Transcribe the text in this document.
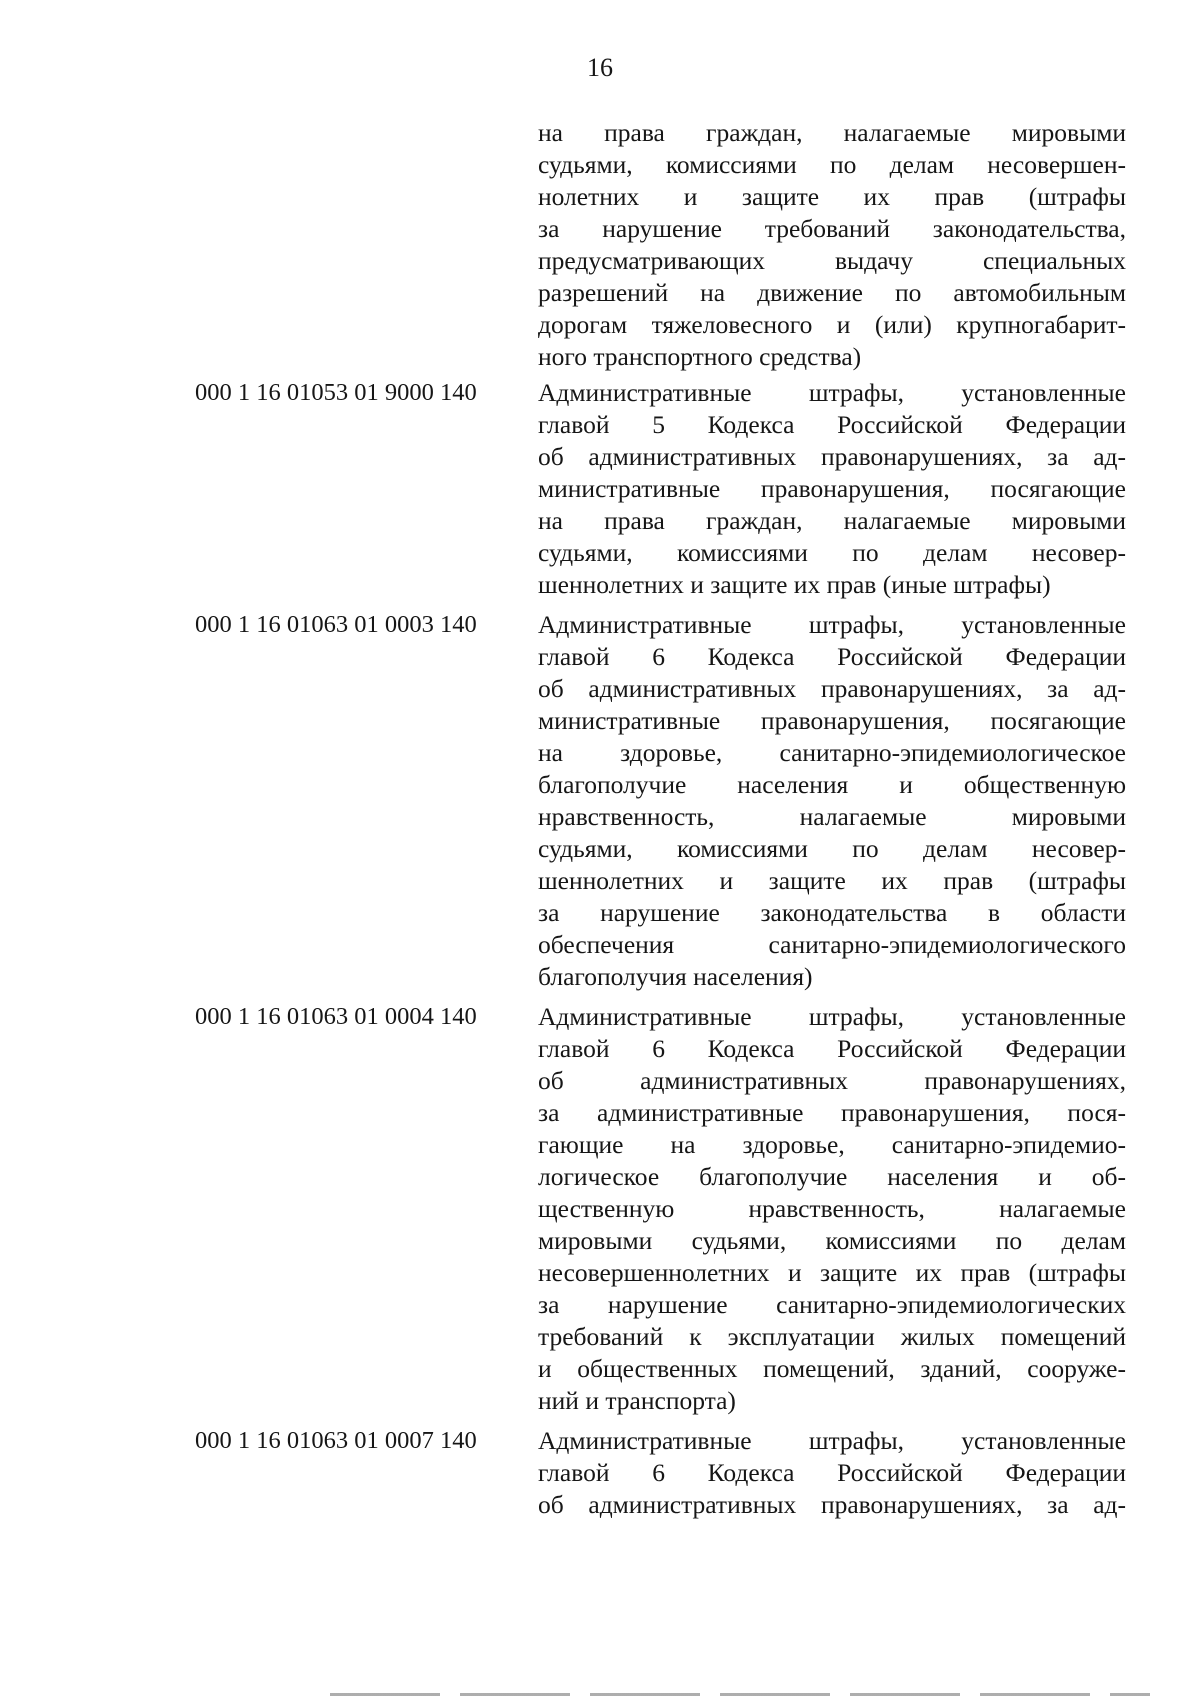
16
на права граждан, налагаемые мировыми
судьями, комиссиями по делам несовершен-
нолетних и защите их прав (штрафы
за нарушение требований законодательства,
предусматривающих выдачу специальных
разрешений на движение по автомобильным
дорогам тяжеловесного и (или) крупногабарит-
ного транспортного средства)
000 1 16 01053 01 9000 140	Административные штрафы, установленные
главой 5 Кодекса Российской Федерации
об административных правонарушениях, за ад-
министративные правонарушения, посягающие
на права граждан, налагаемые мировыми
судьями, комиссиями по делам несовер-
шеннолетних и защите их прав (иные штрафы)
000 1 16 01063 01 0003 140	Административные штрафы, установленные
главой 6 Кодекса Российской Федерации
об административных правонарушениях, за ад-
министративные правонарушения, посягающие
на здоровье, санитарно-эпидемиологическое
благополучие населения и общественную
нравственность, налагаемые мировыми
судьями, комиссиями по делам несовер-
шеннолетних и защите их прав (штрафы
за нарушение законодательства в области
обеспечения санитарно-эпидемиологического
благополучия населения)
000 1 16 01063 01 0004 140	Административные штрафы, установленные
главой 6 Кодекса Российской Федерации
об административных правонарушениях,
за административные правонарушения, пося-
гающие на здоровье, санитарно-эпидемио-
логическое благополучие населения и об-
щественную нравственность, налагаемые
мировыми судьями, комиссиями по делам
несовершеннолетних и защите их прав (штрафы
за нарушение санитарно-эпидемиологических
требований к эксплуатации жилых помещений
и общественных помещений, зданий, сооруже-
ний и транспорта)
000 1 16 01063 01 0007 140	Административные штрафы, установленные
главой 6 Кодекса Российской Федерации
об административных правонарушениях, за ад-
